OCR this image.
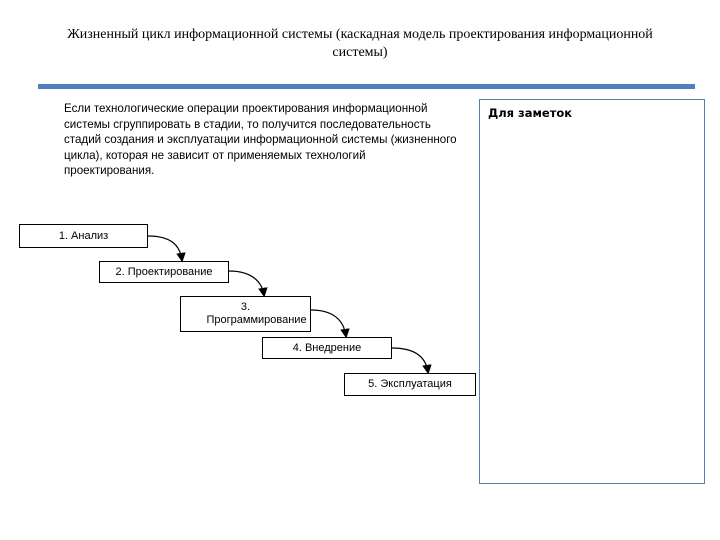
Жизненный цикл информационной системы (каскадная модель проектирования информационной системы)
Если технологические операции проектирования информационной системы сгруппировать в стадии, то получится последовательность стадий создания и эксплуатации информационной системы (жизненного цикла), которая не зависит от применяемых технологий проектирования.
Для заметок
1. Анализ
2. Проектирование
3. Программирование
4. Внедрение
5. Эксплуатация
